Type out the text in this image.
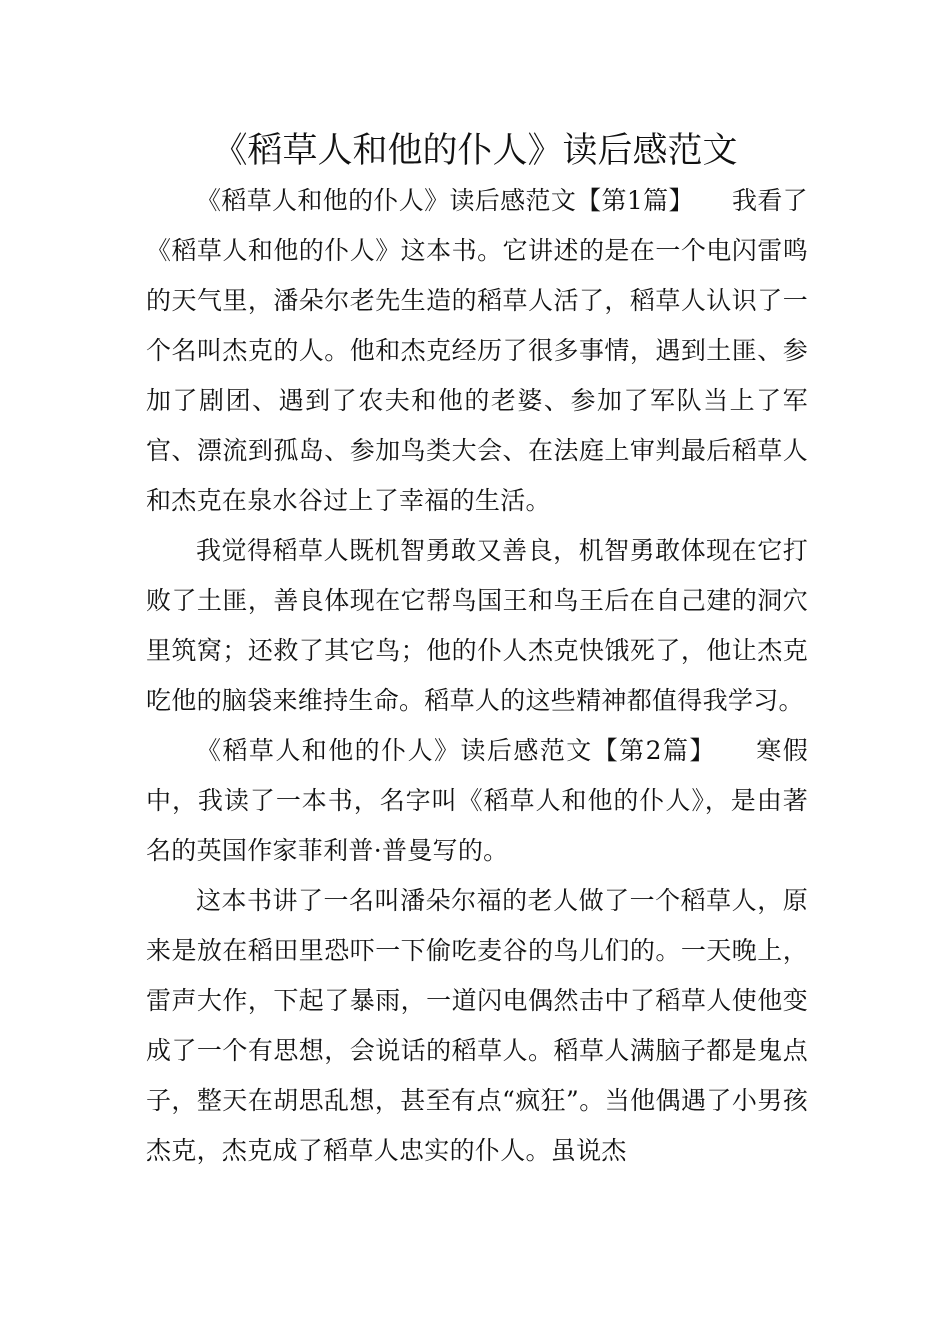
《稻草人和他的仆人》读后感范文

《稻草人和他的仆人》读后感范文【第1篇】　　我看了《稻草人和他的仆人》这本书。它讲述的是在一个电闪雷鸣的天气里，潘朵尔老先生造的稻草人活了，稻草人认识了一个名叫杰克的人。他和杰克经历了很多事情，遇到土匪、参加了剧团、遇到了农夫和他的老婆、参加了军队当上了军官、漂流到孤岛、参加鸟类大会、在法庭上审判最后稻草人和杰克在泉水谷过上了幸福的生活。

我觉得稻草人既机智勇敢又善良，机智勇敢体现在它打败了土匪，善良体现在它帮鸟国王和鸟王后在自己建的洞穴里筑窝；还救了其它鸟；他的仆人杰克快饿死了，他让杰克吃他的脑袋来维持生命。稻草人的这些精神都值得我学习。

《稻草人和他的仆人》读后感范文【第2篇】　　寒假中，我读了一本书，名字叫《稻草人和他的仆人》，是由著名的英国作家菲利普·普曼写的。

这本书讲了一名叫潘朵尔福的老人做了一个稻草人，原来是放在稻田里恐吓一下偷吃麦谷的鸟儿们的。一天晚上，雷声大作，下起了暴雨，一道闪电偶然击中了稻草人使他变成了一个有思想，会说话的稻草人。稻草人满脑子都是鬼点子，整天在胡思乱想，甚至有点“疯狂”。当他偶遇了小男孩杰克，杰克成了稻草人忠实的仆人。虽说杰
